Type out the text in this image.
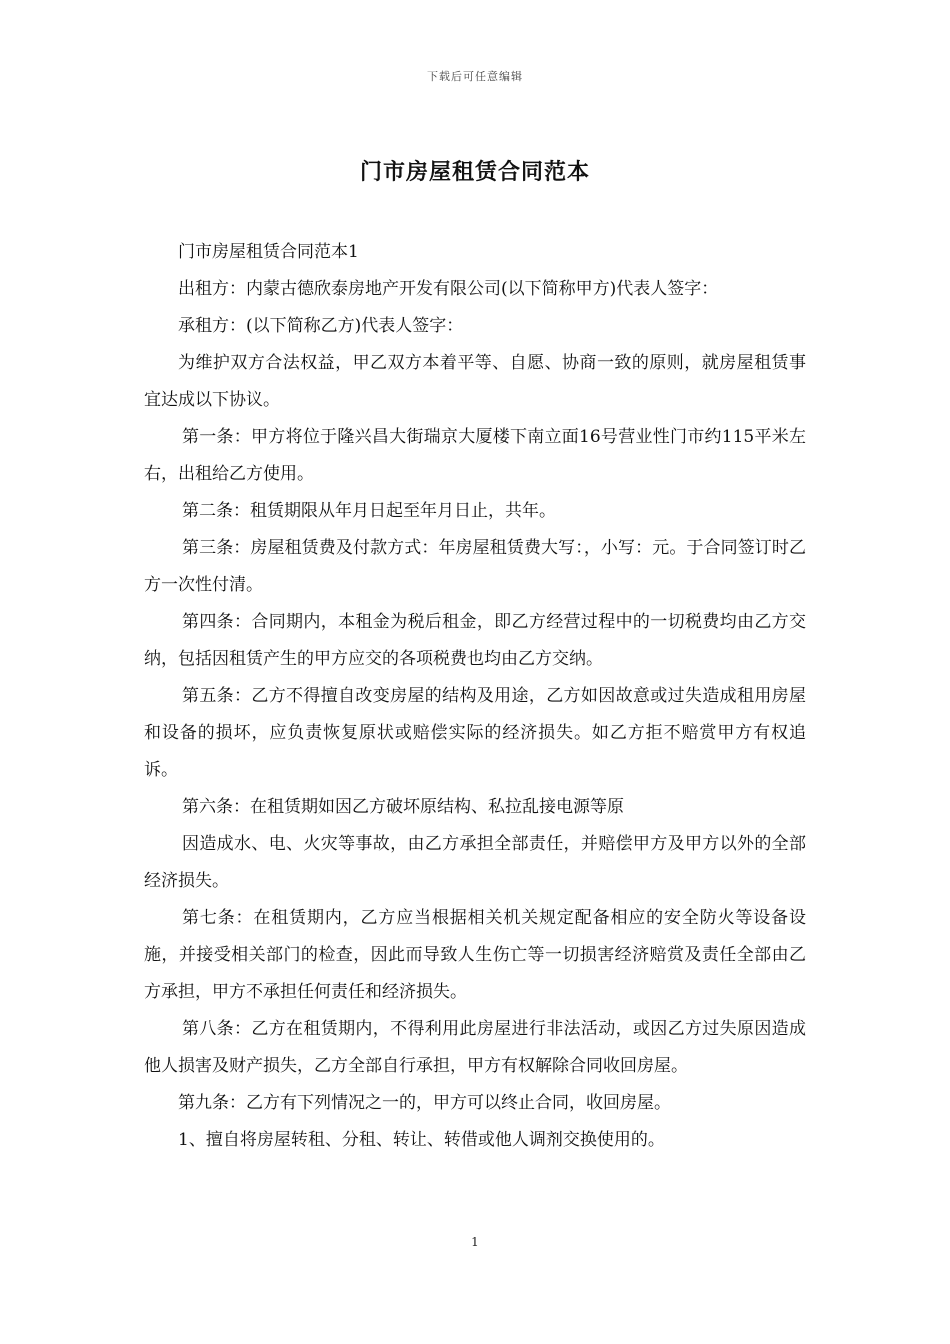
下载后可任意编辑
门市房屋租赁合同范本

门市房屋租赁合同范本1

出租方：内蒙古德欣泰房地产开发有限公司(以下简称甲方)代表人签字：

承租方：(以下简称乙方)代表人签字：

为维护双方合法权益，甲乙双方本着平等、自愿、协商一致的原则，就房屋租赁事宜达成以下协议。

第一条：甲方将位于隆兴昌大街瑞京大厦楼下南立面16号营业性门市约115平米左右，出租给乙方使用。

第二条：租赁期限从年月日起至年月日止，共年。

第三条：房屋租赁费及付款方式：年房屋租赁费大写：，小写：元。于合同签订时乙方一次性付清。

第四条：合同期内，本租金为税后租金，即乙方经营过程中的一切税费均由乙方交纳，包括因租赁产生的甲方应交的各项税费也均由乙方交纳。

第五条：乙方不得擅自改变房屋的结构及用途，乙方如因故意或过失造成租用房屋和设备的损坏，应负责恢复原状或赔偿实际的经济损失。如乙方拒不赔赏甲方有权追诉。

第六条：在租赁期如因乙方破坏原结构、私拉乱接电源等原

因造成水、电、火灾等事故，由乙方承担全部责任，并赔偿甲方及甲方以外的全部经济损失。

第七条：在租赁期内，乙方应当根据相关机关规定配备相应的安全防火等设备设施，并接受相关部门的检查，因此而导致人生伤亡等一切损害经济赔赏及责任全部由乙方承担，甲方不承担任何责任和经济损失。

第八条：乙方在租赁期内，不得利用此房屋进行非法活动，或因乙方过失原因造成他人损害及财产损失，乙方全部自行承担，甲方有权解除合同收回房屋。

第九条：乙方有下列情况之一的，甲方可以终止合同，收回房屋。

1、擅自将房屋转租、分租、转让、转借或他人调剂交换使用的。

1
